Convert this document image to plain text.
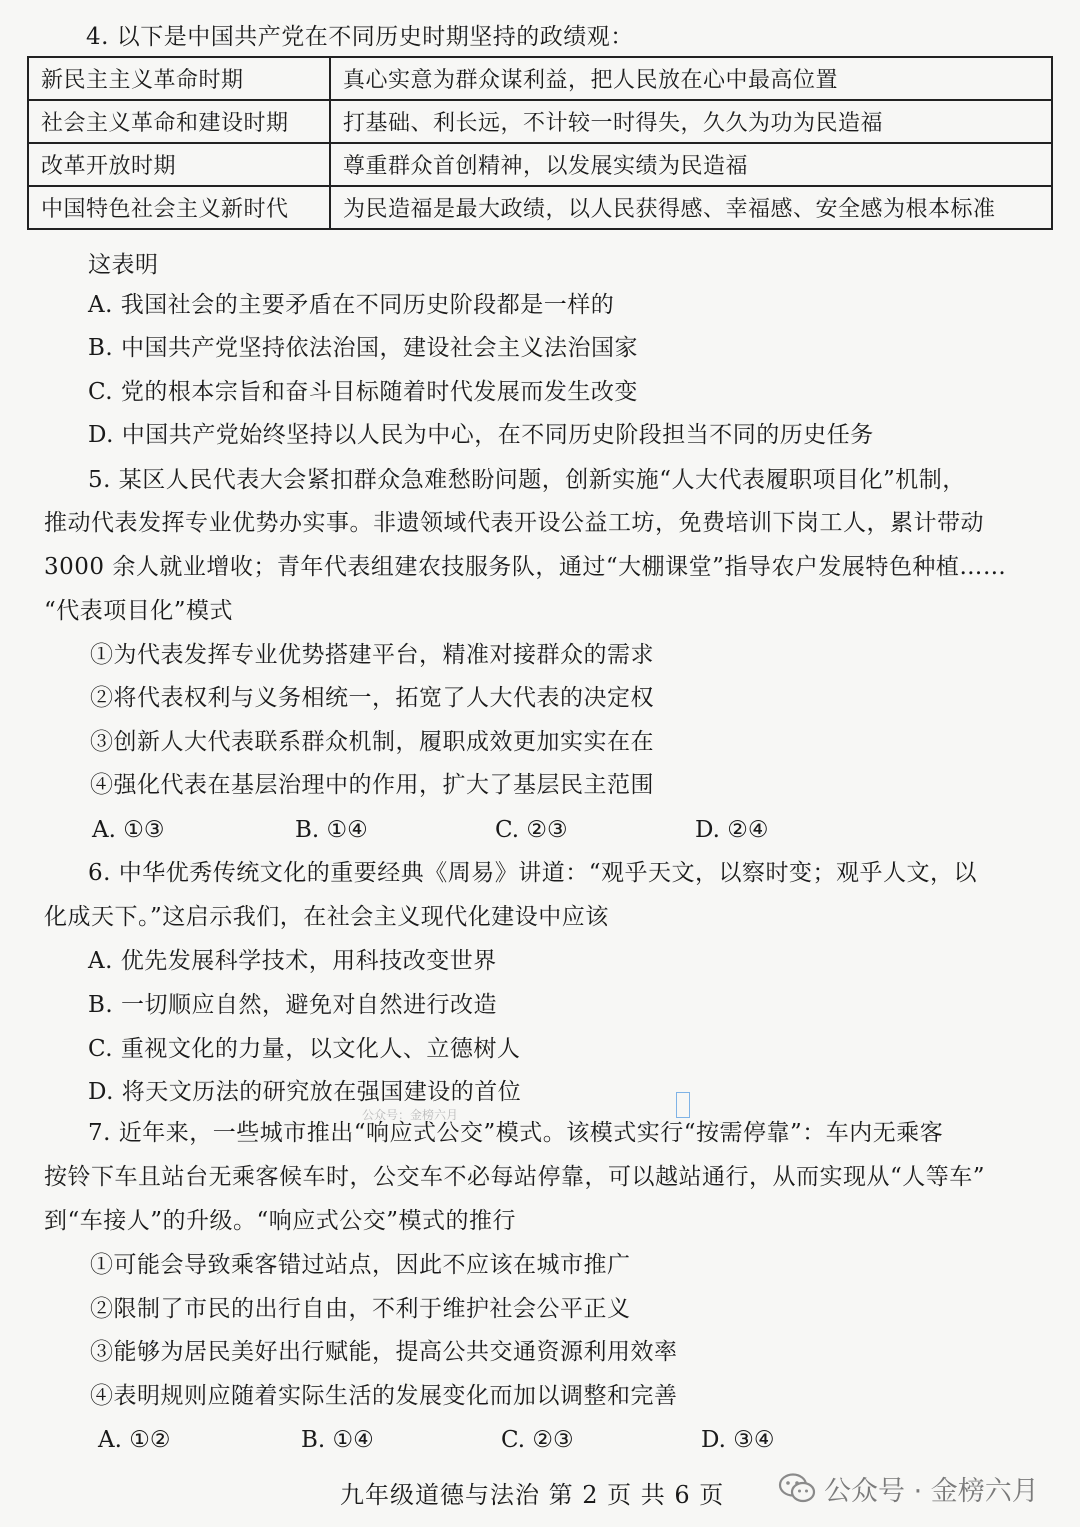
4. 以下是中国共产党在不同历史时期坚持的政绩观：
新民主主义革命时期	真心实意为群众谋利益，把人民放在心中最高位置
社会主义革命和建设时期	打基础、利长远，不计较一时得失，久久为功为民造福
改革开放时期	尊重群众首创精神，以发展实绩为民造福
中国特色社会主义新时代	为民造福是最大政绩，以人民获得感、幸福感、安全感为根本标准
这表明
A. 我国社会的主要矛盾在不同历史阶段都是一样的
B. 中国共产党坚持依法治国，建设社会主义法治国家
C. 党的根本宗旨和奋斗目标随着时代发展而发生改变
D. 中国共产党始终坚持以人民为中心，在不同历史阶段担当不同的历史任务
5. 某区人民代表大会紧扣群众急难愁盼问题，创新实施“人大代表履职项目化”机制，
推动代表发挥专业优势办实事。非遗领域代表开设公益工坊，免费培训下岗工人，累计带动
3000 余人就业增收；青年代表组建农技服务队，通过“大棚课堂”指导农户发展特色种植……
“代表项目化”模式
①为代表发挥专业优势搭建平台，精准对接群众的需求
②将代表权利与义务相统一，拓宽了人大代表的决定权
③创新人大代表联系群众机制，履职成效更加实实在在
④强化代表在基层治理中的作用，扩大了基层民主范围
A. ①③	B. ①④	C. ②③	D. ②④
6. 中华优秀传统文化的重要经典《周易》讲道：“观乎天文，以察时变；观乎人文，以
化成天下。”这启示我们，在社会主义现代化建设中应该
A. 优先发展科学技术，用科技改变世界
B. 一切顺应自然，避免对自然进行改造
C. 重视文化的力量，以文化人、立德树人
D. 将天文历法的研究放在强国建设的首位
公众号：金榜六月
7. 近年来，一些城市推出“响应式公交”模式。该模式实行“按需停靠”：车内无乘客
按铃下车且站台无乘客候车时，公交车不必每站停靠，可以越站通行，从而实现从“人等车”
到“车接人”的升级。“响应式公交”模式的推行
①可能会导致乘客错过站点，因此不应该在城市推广
②限制了市民的出行自由，不利于维护社会公平正义
③能够为居民美好出行赋能，提高公共交通资源利用效率
④表明规则应随着实际生活的发展变化而加以调整和完善
A. ①②	B. ①④	C. ②③	D. ③④
九年级道德与法治 第 2 页 共 6 页	公众号 · 金榜六月
